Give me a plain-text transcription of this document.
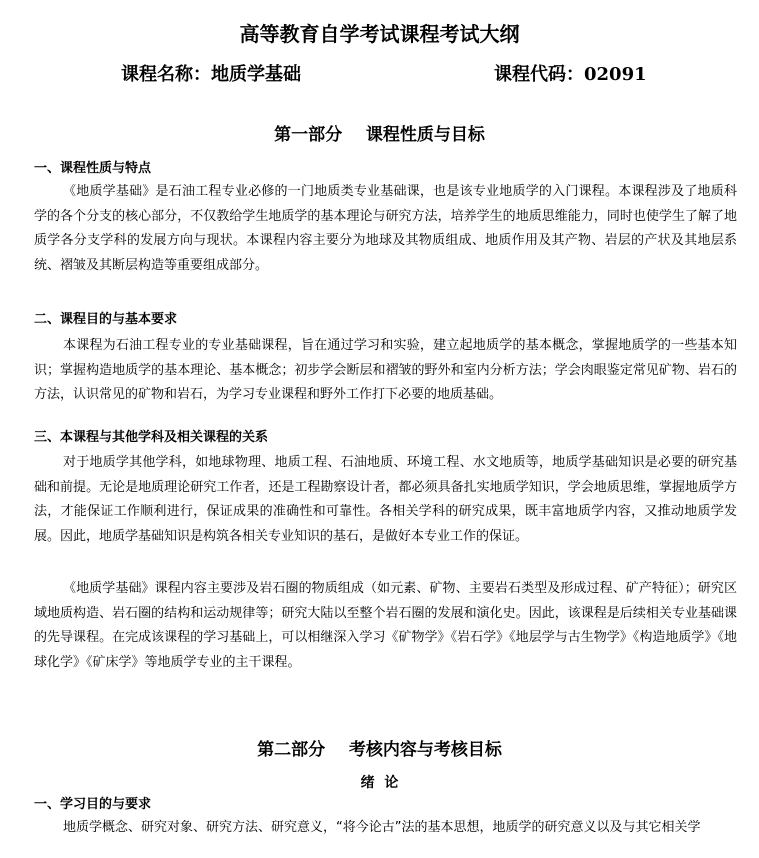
高等教育自学考试课程考试大纲
课程名称：地质学基础	课程代码：02091
第一部分    课程性质与目标
一、课程性质与特点

《地质学基础》是石油工程专业必修的一门地质类专业基础课，也是该专业地质学的入门课程。本课程涉及了地质科学的各个分支的核心部分，不仅教给学生地质学的基本理论与研究方法，培养学生的地质思维能力，同时也使学生了解了地质学各分支学科的发展方向与现状。本课程内容主要分为地球及其物质组成、地质作用及其产物、岩层的产状及其地层系统、褶皱及其断层构造等重要组成部分。

二、课程目的与基本要求

本课程为石油工程专业的专业基础课程，旨在通过学习和实验，建立起地质学的基本概念，掌握地质学的一些基本知识；掌握构造地质学的基本理论、基本概念；初步学会断层和褶皱的野外和室内分析方法；学会肉眼鉴定常见矿物、岩石的方法，认识常见的矿物和岩石，为学习专业课程和野外工作打下必要的地质基础。

三、本课程与其他学科及相关课程的关系

对于地质学其他学科，如地球物理、地质工程、石油地质、环境工程、水文地质等，地质学基础知识是必要的研究基础和前提。无论是地质理论研究工作者，还是工程勘察设计者，都必须具备扎实地质学知识，学会地质思维，掌握地质学方法，才能保证工作顺利进行，保证成果的准确性和可靠性。各相关学科的研究成果，既丰富地质学内容，又推动地质学发展。因此，地质学基础知识是构筑各相关专业知识的基石，是做好本专业工作的保证。

《地质学基础》课程内容主要涉及岩石圈的物质组成（如元素、矿物、主要岩石类型及形成过程、矿产特征）；研究区域地质构造、岩石圈的结构和运动规律等；研究大陆以至整个岩石圈的发展和演化史。因此，该课程是后续相关专业基础课的先导课程。在完成该课程的学习基础上，可以相继深入学习《矿物学》《岩石学》《地层学与古生物学》《构造地质学》《地球化学》《矿床学》等地质学专业的主干课程。

第二部分    考核内容与考核目标
绪  论
一、学习目的与要求

地质学概念、研究对象、研究方法、研究意义，“将今论古”法的基本思想，地质学的研究意义以及与其它相关学
